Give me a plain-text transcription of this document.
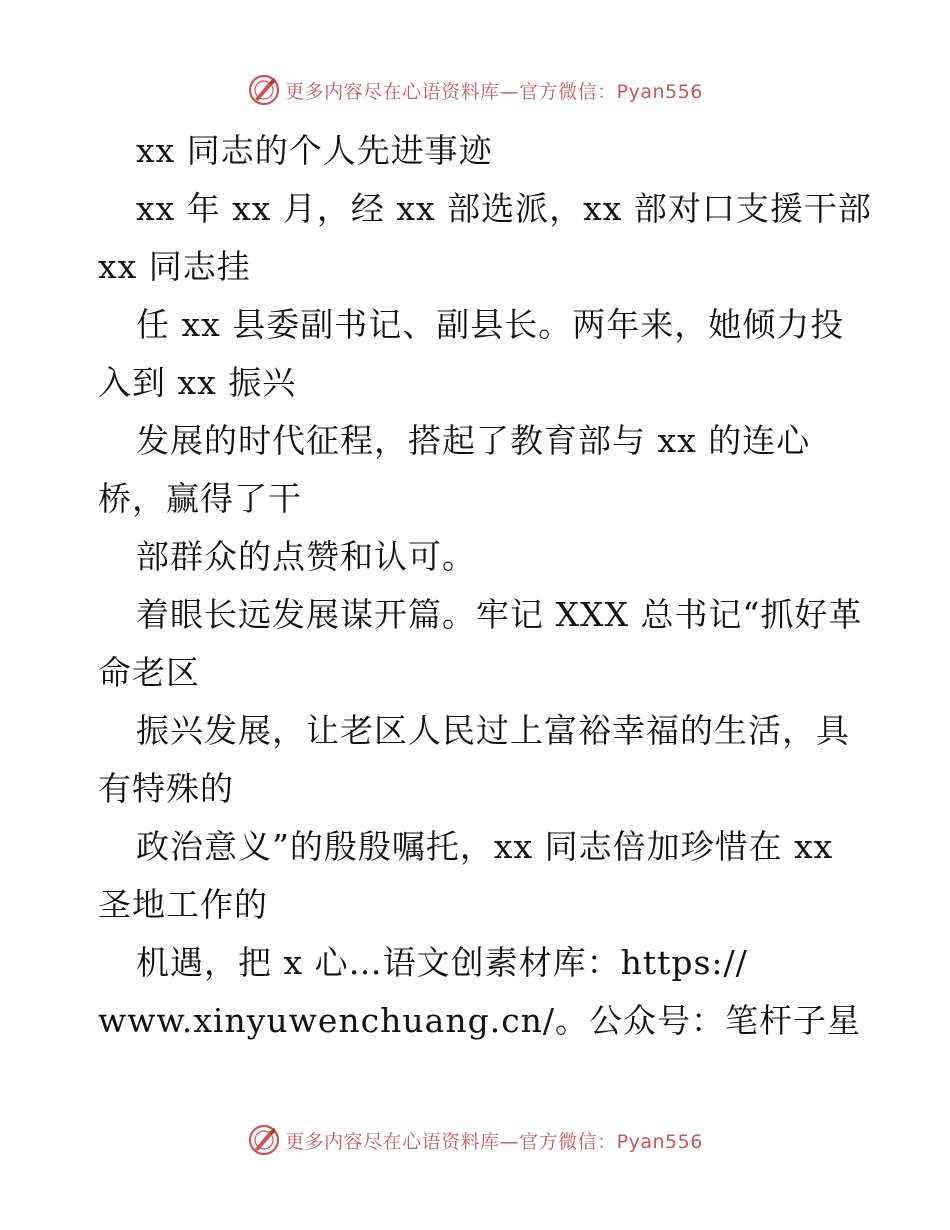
更多内容尽在心语资料库—官方微信：Pyan556
xx 同志的个人先进事迹
xx 年 xx 月，经 xx 部选派，xx 部对口支援干部
xx 同志挂
任 xx 县委副书记、副县长。两年来，她倾力投
入到 xx 振兴
发展的时代征程，搭起了教育部与 xx 的连心
桥，赢得了干
部群众的点赞和认可。
着眼长远发展谋开篇。牢记 XXX 总书记“抓好革
命老区
振兴发展，让老区人民过上富裕幸福的生活，具
有特殊的
政治意义”的殷殷嘱托，xx 同志倍加珍惜在 xx
圣地工作的
机遇，把 x 心…语文创素材库：https://
www.xinyuwenchuang.cn/。公众号：笔杆子星
更多内容尽在心语资料库—官方微信：Pyan556
